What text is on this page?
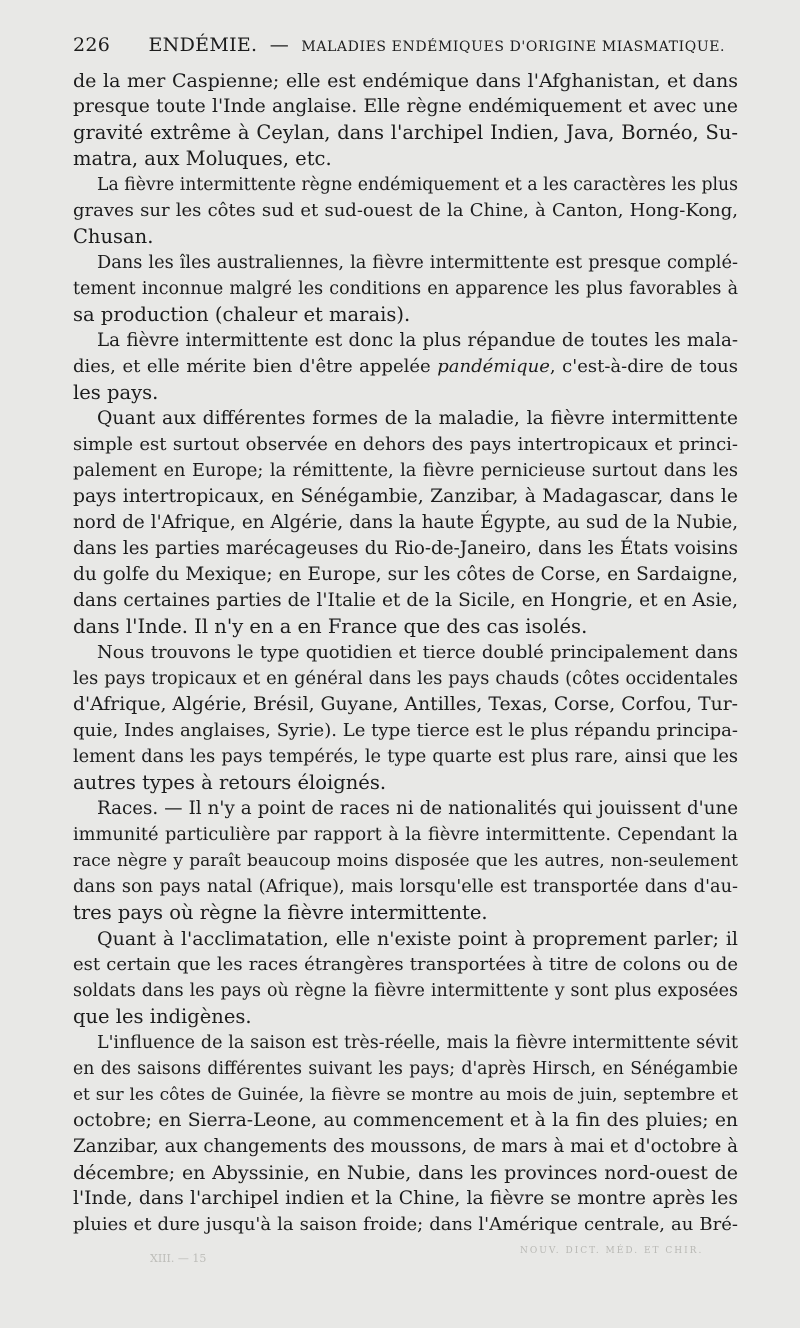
226 ENDÉMIE. — MALADIES ENDÉMIQUES D'ORIGINE MIASMATIQUE.
de la mer Caspienne; elle est endémique dans l'Afghanistan, et dans
presque toute l'Inde anglaise. Elle règne endémiquement et avec une
gravité extrême à Ceylan, dans l'archipel Indien, Java, Bornéo, Su-
matra, aux Moluques, etc.
La fièvre intermittente règne endémiquement et a les caractères les plus
graves sur les côtes sud et sud-ouest de la Chine, à Canton, Hong-Kong,
Chusan.
Dans les îles australiennes, la fièvre intermittente est presque complé-
tement inconnue malgré les conditions en apparence les plus favorables à
sa production (chaleur et marais).
La fièvre intermittente est donc la plus répandue de toutes les mala-
dies, et elle mérite bien d'être appelée pandémique, c'est-à-dire de tous
les pays.
Quant aux différentes formes de la maladie, la fièvre intermittente
simple est surtout observée en dehors des pays intertropicaux et princi-
palement en Europe; la rémittente, la fièvre pernicieuse surtout dans les
pays intertropicaux, en Sénégambie, Zanzibar, à Madagascar, dans le
nord de l'Afrique, en Algérie, dans la haute Égypte, au sud de la Nubie,
dans les parties marécageuses du Rio-de-Janeiro, dans les États voisins
du golfe du Mexique; en Europe, sur les côtes de Corse, en Sardaigne,
dans certaines parties de l'Italie et de la Sicile, en Hongrie, et en Asie,
dans l'Inde. Il n'y en a en France que des cas isolés.
Nous trouvons le type quotidien et tierce doublé principalement dans
les pays tropicaux et en général dans les pays chauds (côtes occidentales
d'Afrique, Algérie, Brésil, Guyane, Antilles, Texas, Corse, Corfou, Tur-
quie, Indes anglaises, Syrie). Le type tierce est le plus répandu principa-
lement dans les pays tempérés, le type quarte est plus rare, ainsi que les
autres types à retours éloignés.
Races. — Il n'y a point de races ni de nationalités qui jouissent d'une
immunité particulière par rapport à la fièvre intermittente. Cependant la
race nègre y paraît beaucoup moins disposée que les autres, non-seulement
dans son pays natal (Afrique), mais lorsqu'elle est transportée dans d'au-
tres pays où règne la fièvre intermittente.
Quant à l'acclimatation, elle n'existe point à proprement parler; il
est certain que les races étrangères transportées à titre de colons ou de
soldats dans les pays où règne la fièvre intermittente y sont plus exposées
que les indigènes.
L'influence de la saison est très-réelle, mais la fièvre intermittente sévit
en des saisons différentes suivant les pays; d'après Hirsch, en Sénégambie
et sur les côtes de Guinée, la fièvre se montre au mois de juin, septembre et
octobre; en Sierra-Leone, au commencement et à la fin des pluies; en
Zanzibar, aux changements des moussons, de mars à mai et d'octobre à
décembre; en Abyssinie, en Nubie, dans les provinces nord-ouest de
l'Inde, dans l'archipel indien et la Chine, la fièvre se montre après les
pluies et dure jusqu'à la saison froide; dans l'Amérique centrale, au Bré-
XIII. — 15
NOUV. DICT. MÉD. ET CHIR.
